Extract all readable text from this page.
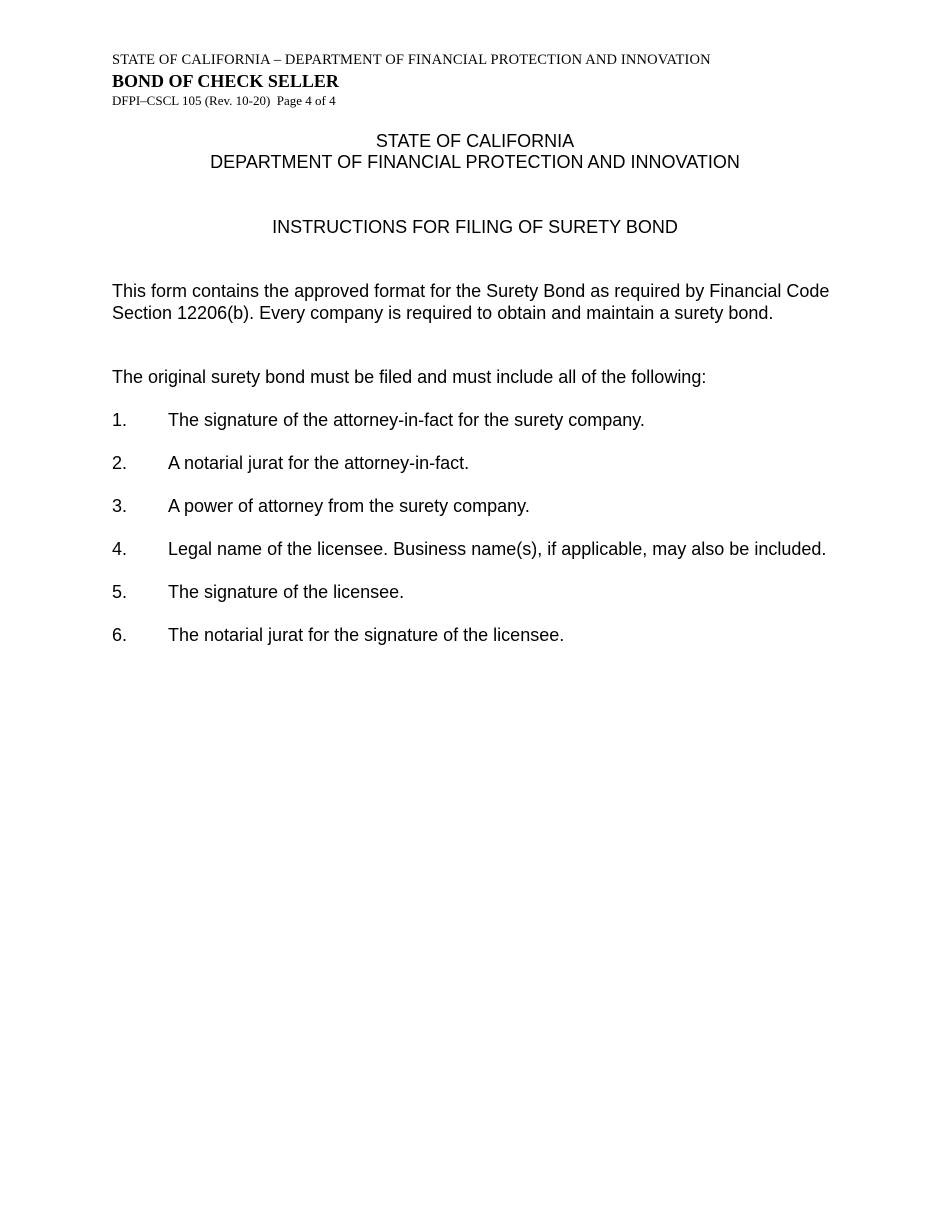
STATE OF CALIFORNIA – DEPARTMENT OF FINANCIAL PROTECTION AND INNOVATION
BOND OF CHECK SELLER
DFPI–CSCL 105 (Rev. 10-20)  Page 4 of 4
STATE OF CALIFORNIA
DEPARTMENT OF FINANCIAL PROTECTION AND INNOVATION
INSTRUCTIONS FOR FILING OF SURETY BOND
This form contains the approved format for the Surety Bond as required by Financial Code Section 12206(b). Every company is required to obtain and maintain a surety bond.
The original surety bond must be filed and must include all of the following:
1.	The signature of the attorney-in-fact for the surety company.
2.	A notarial jurat for the attorney-in-fact.
3.	A power of attorney from the surety company.
4.	Legal name of the licensee. Business name(s), if applicable, may also be included.
5.	The signature of the licensee.
6.	The notarial jurat for the signature of the licensee.
